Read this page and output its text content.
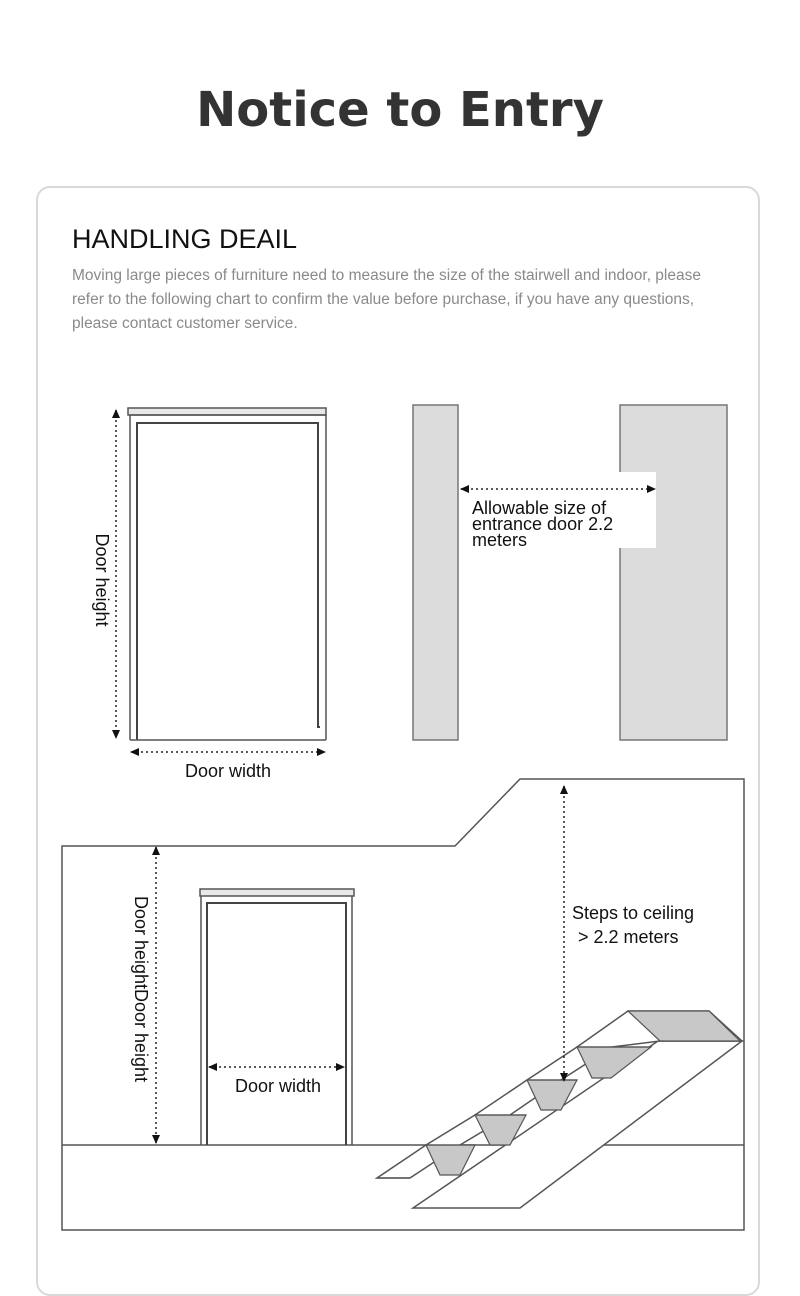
Notice to Entry
HANDLING DEAIL
Moving large pieces of furniture need to measure the size of the stairwell and indoor, please refer to the following chart to confirm the value before purchase, if you have any questions, please contact customer service.
Door height
Door width
Allowable size of
entrance door 2.2
meters
Door heightDoor height
Door width
Steps to ceiling
> 2.2 meters
